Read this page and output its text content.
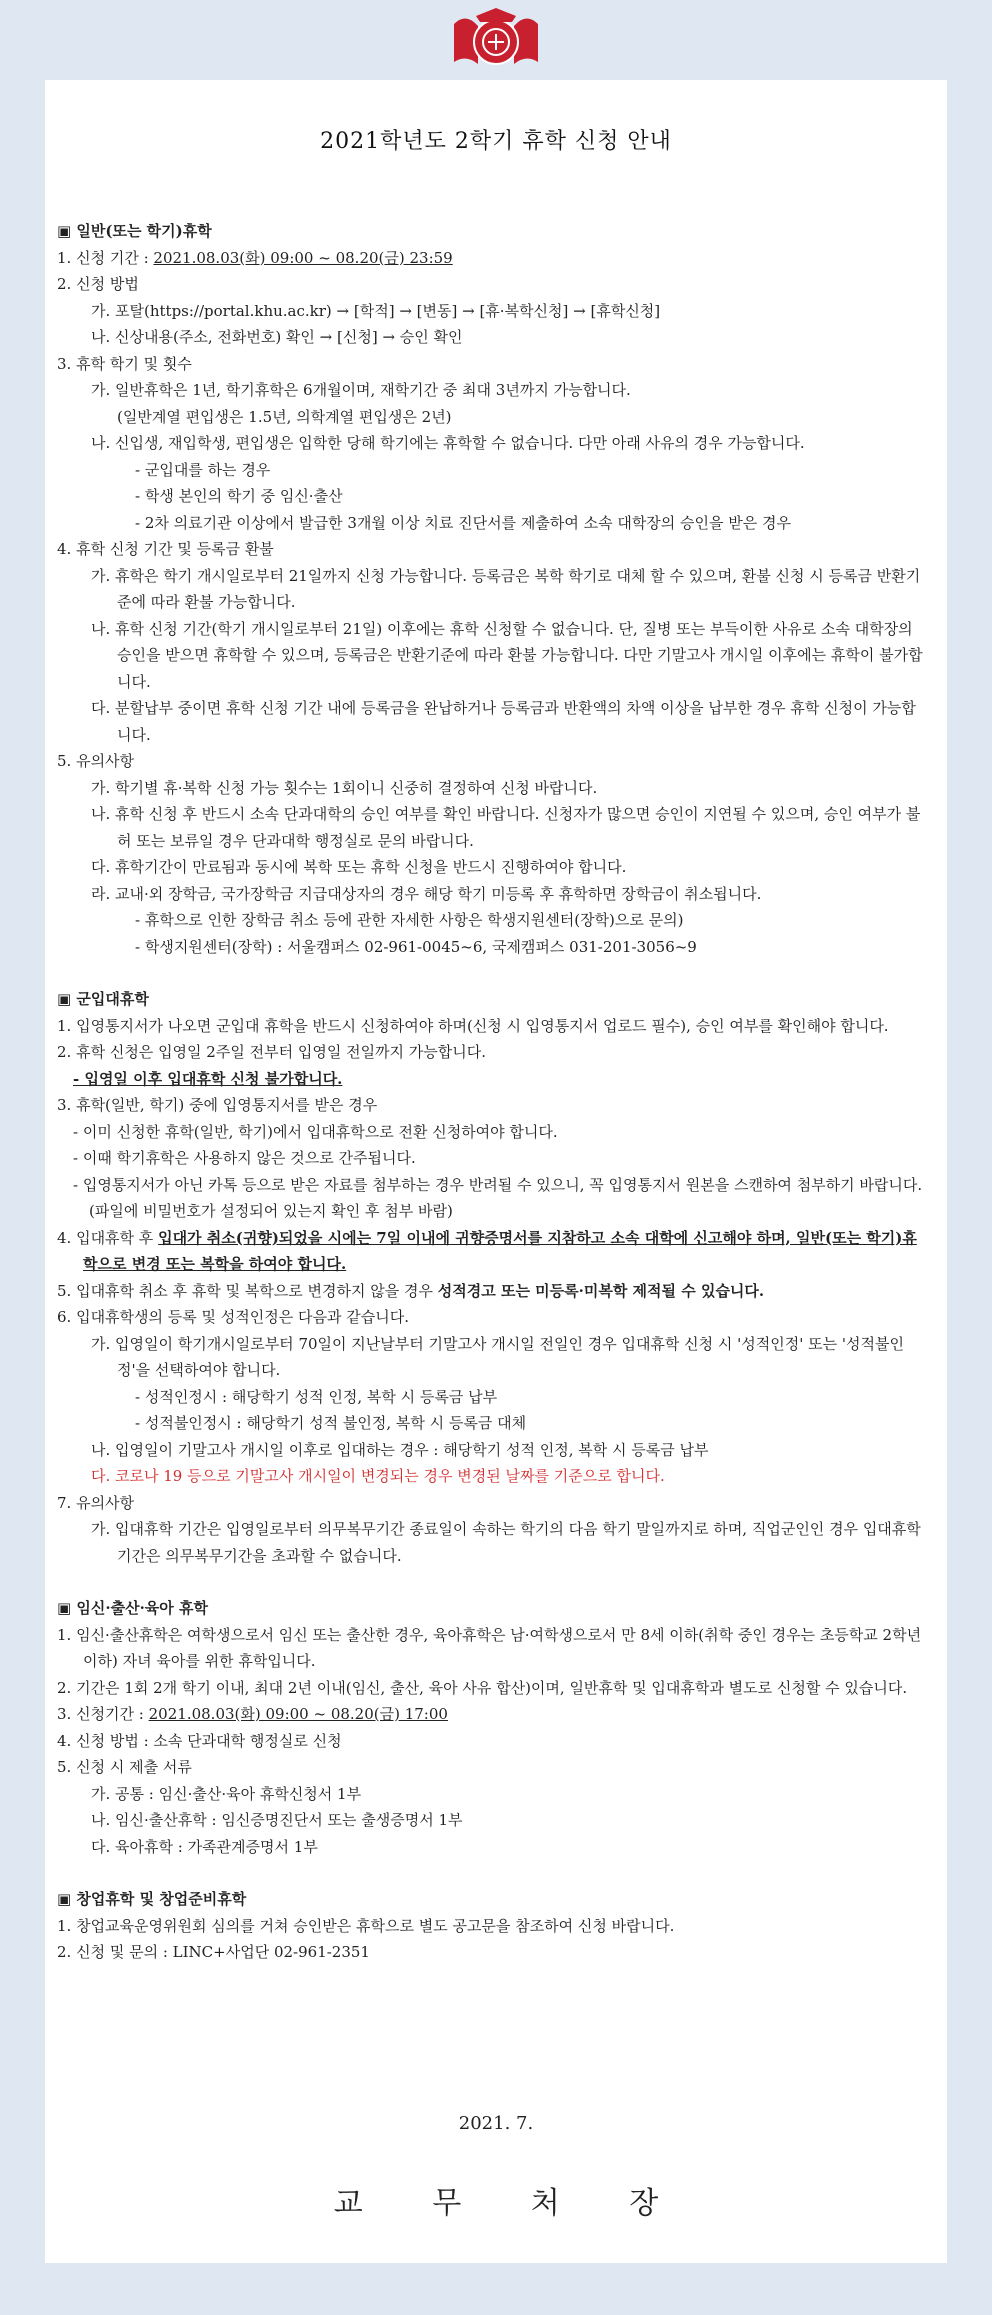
2021학년도 2학기 휴학 신청 안내
▣ 일반(또는 학기)휴학
1. 신청 기간 : 2021.08.03(화) 09:00 ~ 08.20(금) 23:59
2. 신청 방법
가. 포탈(https://portal.khu.ac.kr) → [학적] → [변동] → [휴·복학신청] → [휴학신청]
나. 신상내용(주소, 전화번호) 확인 → [신청] → 승인 확인
3. 휴학 학기 및 횟수
가. 일반휴학은 1년, 학기휴학은 6개월이며, 재학기간 중 최대 3년까지 가능합니다.
(일반계열 편입생은 1.5년, 의학계열 편입생은 2년)
나. 신입생, 재입학생, 편입생은 입학한 당해 학기에는 휴학할 수 없습니다. 다만 아래 사유의 경우 가능합니다.
- 군입대를 하는 경우
- 학생 본인의 학기 중 임신·출산
- 2차 의료기관 이상에서 발급한 3개월 이상 치료 진단서를 제출하여 소속 대학장의 승인을 받은 경우
4. 휴학 신청 기간 및 등록금 환불
가. 휴학은 학기 개시일로부터 21일까지 신청 가능합니다. 등록금은 복학 학기로 대체 할 수 있으며, 환불 신청 시 등록금 반환기준에 따라 환불 가능합니다.
나. 휴학 신청 기간(학기 개시일로부터 21일) 이후에는 휴학 신청할 수 없습니다. 단, 질병 또는 부득이한 사유로 소속 대학장의 승인을 받으면 휴학할 수 있으며, 등록금은 반환기준에 따라 환불 가능합니다. 다만 기말고사 개시일 이후에는 휴학이 불가합니다.
다. 분할납부 중이면 휴학 신청 기간 내에 등록금을 완납하거나 등록금과 반환액의 차액 이상을 납부한 경우 휴학 신청이 가능합니다.
5. 유의사항
가. 학기별 휴·복학 신청 가능 횟수는 1회이니 신중히 결정하여 신청 바랍니다.
나. 휴학 신청 후 반드시 소속 단과대학의 승인 여부를 확인 바랍니다. 신청자가 많으면 승인이 지연될 수 있으며, 승인 여부가 불허 또는 보류일 경우 단과대학 행정실로 문의 바랍니다.
다. 휴학기간이 만료됨과 동시에 복학 또는 휴학 신청을 반드시 진행하여야 합니다.
라. 교내·외 장학금, 국가장학금 지급대상자의 경우 해당 학기 미등록 후 휴학하면 장학금이 취소됩니다.
- 휴학으로 인한 장학금 취소 등에 관한 자세한 사항은 학생지원센터(장학)으로 문의)
- 학생지원센터(장학) : 서울캠퍼스 02-961-0045~6, 국제캠퍼스 031-201-3056~9
▣ 군입대휴학
1. 입영통지서가 나오면 군입대 휴학을 반드시 신청하여야 하며(신청 시 입영통지서 업로드 필수), 승인 여부를 확인해야 합니다.
2. 휴학 신청은 입영일 2주일 전부터 입영일 전일까지 가능합니다.
- 입영일 이후 입대휴학 신청 불가합니다.
3. 휴학(일반, 학기) 중에 입영통지서를 받은 경우
- 이미 신청한 휴학(일반, 학기)에서 입대휴학으로 전환 신청하여야 합니다.
- 이때 학기휴학은 사용하지 않은 것으로 간주됩니다.
- 입영통지서가 아닌 카톡 등으로 받은 자료를 첨부하는 경우 반려될 수 있으니, 꼭 입영통지서 원본을 스캔하여 첨부하기 바랍니다. (파일에 비밀번호가 설정되어 있는지 확인 후 첨부 바람)
4. 입대휴학 후 입대가 취소(귀향)되었을 시에는 7일 이내에 귀향증명서를 지참하고 소속 대학에 신고해야 하며, 일반(또는 학기)휴학으로 변경 또는 복학을 하여야 합니다.
5. 입대휴학 취소 후 휴학 및 복학으로 변경하지 않을 경우 성적경고 또는 미등록·미복학 제적될 수 있습니다.
6. 입대휴학생의 등록 및 성적인정은 다음과 같습니다.
가. 입영일이 학기개시일로부터 70일이 지난날부터 기말고사 개시일 전일인 경우 입대휴학 신청 시 '성적인정' 또는 '성적불인정'을 선택하여야 합니다.
- 성적인정시 : 해당학기 성적 인정, 복학 시 등록금 납부
- 성적불인정시 : 해당학기 성적 불인정, 복학 시 등록금 대체
나. 입영일이 기말고사 개시일 이후로 입대하는 경우 : 해당학기 성적 인정, 복학 시 등록금 납부
다. 코로나 19 등으로 기말고사 개시일이 변경되는 경우 변경된 날짜를 기준으로 합니다.
7. 유의사항
가. 입대휴학 기간은 입영일로부터 의무복무기간 종료일이 속하는 학기의 다음 학기 말일까지로 하며, 직업군인인 경우 입대휴학 기간은 의무복무기간을 초과할 수 없습니다.
▣ 임신·출산·육아 휴학
1. 임신·출산휴학은 여학생으로서 임신 또는 출산한 경우, 육아휴학은 남·여학생으로서 만 8세 이하(취학 중인 경우는 초등학교 2학년 이하) 자녀 육아를 위한 휴학입니다.
2. 기간은 1회 2개 학기 이내, 최대 2년 이내(임신, 출산, 육아 사유 합산)이며, 일반휴학 및 입대휴학과 별도로 신청할 수 있습니다.
3. 신청기간 : 2021.08.03(화) 09:00 ~ 08.20(금) 17:00
4. 신청 방법 : 소속 단과대학 행정실로 신청
5. 신청 시 제출 서류
가. 공통 : 임신·출산·육아 휴학신청서 1부
나. 임신·출산휴학 : 임신증명진단서 또는 출생증명서 1부
다. 육아휴학 : 가족관계증명서 1부
▣ 창업휴학 및 창업준비휴학
1. 창업교육운영위원회 심의를 거쳐 승인받은 휴학으로 별도 공고문을 참조하여 신청 바랍니다.
2. 신청 및 문의 : LINC+사업단 02-961-2351
2021. 7.
교 무 처 장
